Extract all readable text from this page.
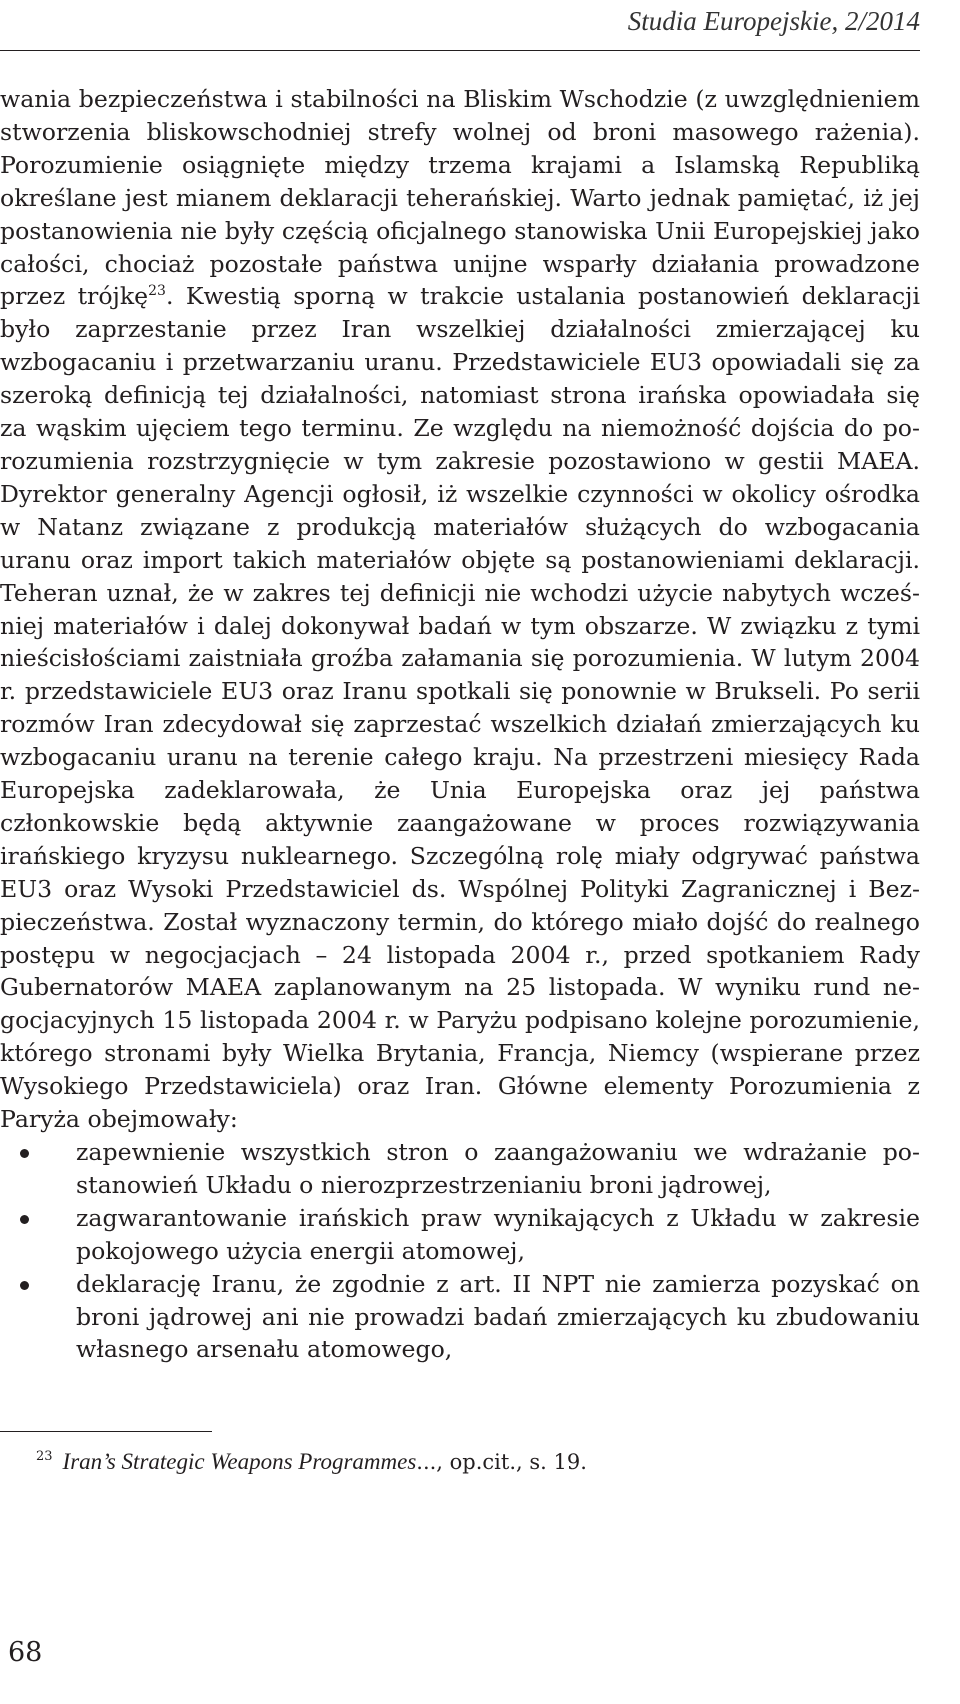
Studia Europejskie, 2/2014

wania bezpieczeństwa i stabilności na Bliskim Wschodzie (z uwzględnieniem stworzenia bliskowschodniej strefy wolnej od broni masowego rażenia). Porozumienie osiągnięte między trzema krajami a Islamską Republiką określane jest mianem deklaracji teherańskiej. Warto jednak pamiętać, iż jej postanowienia nie były częścią oficjalnego stanowiska Unii Europejskiej jako całości, chociaż pozostałe państwa unijne wsparły działania prowadzone przez trójkę$^{23}$. Kwestią sporną w trakcie ustalania postanowień deklaracji było zaprzestanie przez Iran wszelkiej działalności zmierzającej ku wzbogacaniu i przetwarzaniu uranu. Przedstawiciele EU3 opowiadali się za szeroką definicją tej działalności, natomiast strona irańska opowiadała się za wąskim ujęciem tego terminu. Ze względu na niemożność dojścia do porozumienia rozstrzygnięcie w tym zakresie pozostawiono w gestii MAEA. Dyrektor generalny Agencji ogłosił, iż wszelkie czynności w okolicy ośrodka w Natanz związane z produkcją materiałów służących do wzbogacania uranu oraz import takich materiałów objęte są postanowieniami deklaracji. Teheran uznał, że w zakres tej definicji nie wchodzi użycie nabytych wcześniej materiałów i dalej dokonywał badań w tym obszarze. W związku z tymi nieścisłościami zaistniała groźba załamania się porozumienia. W lutym 2004 r. przedstawiciele EU3 oraz Iranu spotkali się ponownie w Brukseli. Po serii rozmów Iran zdecydował się zaprzestać wszelkich działań zmierzających ku wzbogacaniu uranu na terenie całego kraju. Na przestrzeni miesięcy Rada Europejska zadeklarowała, że Unia Europejska oraz jej państwa członkowskie będą aktywnie zaangażowane w proces rozwiązywania irańskiego kryzysu nuklearnego. Szczególną rolę miały odgrywać państwa EU3 oraz Wysoki Przedstawiciel ds. Wspólnej Polityki Zagranicznej i Bezpieczeństwa. Został wyznaczony termin, do którego miało dojść do realnego postępu w negocjacjach – 24 listopada 2004 r., przed spotkaniem Rady Gubernatorów MAEA zaplanowanym na 25 listopada. W wyniku rund negocjacyjnych 15 listopada 2004 r. w Paryżu podpisano kolejne porozumienie, którego stronami były Wielka Brytania, Francja, Niemcy (wspierane przez Wysokiego Przedstawiciela) oraz Iran. Główne elementy Porozumienia z Paryża obejmowały:

zapewnienie wszystkich stron o zaangażowaniu we wdrażanie postanowień Układu o nierozprzestrzenianiu broni jądrowej,
zagwarantowanie irańskich praw wynikających z Układu w zakresie pokojowego użycia energii atomowej,
deklarację Iranu, że zgodnie z art. II NPT nie zamierza pozyskać on broni jądrowej ani nie prowadzi badań zmierzających ku zbudowaniu własnego arsenału atomowego,
$^{23}$ Iran’s Strategic Weapons Programmes..., op.cit., s. 19.
68
